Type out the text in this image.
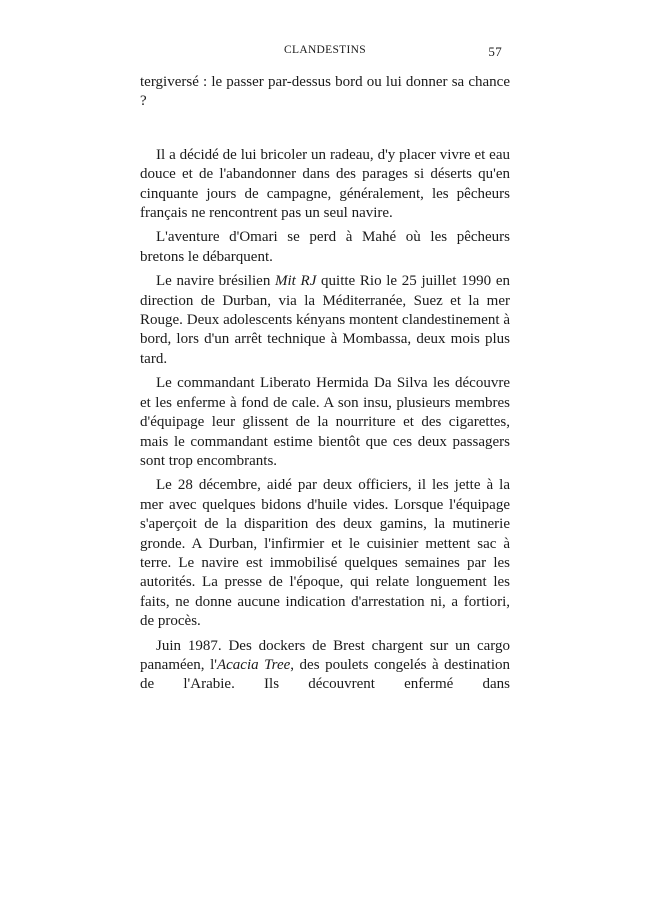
CLANDESTINS	57

tergiversé : le passer par-dessus bord ou lui donner sa chance ?

Il a décidé de lui bricoler un radeau, d'y placer vivre et eau douce et de l'abandonner dans des parages si déserts qu'en cinquante jours de campagne, généralement, les pêcheurs français ne rencontrent pas un seul navire.

L'aventure d'Omari se perd à Mahé où les pêcheurs bretons le débarquent.

Le navire brésilien Mit RJ quitte Rio le 25 juillet 1990 en direction de Durban, via la Méditerranée, Suez et la mer Rouge. Deux adolescents kényans montent clandestinement à bord, lors d'un arrêt technique à Mombassa, deux mois plus tard.

Le commandant Liberato Hermida Da Silva les découvre et les enferme à fond de cale. A son insu, plusieurs membres d'équipage leur glissent de la nourriture et des cigarettes, mais le commandant estime bientôt que ces deux passagers sont trop encombrants.

Le 28 décembre, aidé par deux officiers, il les jette à la mer avec quelques bidons d'huile vides. Lorsque l'équipage s'aperçoit de la disparition des deux gamins, la mutinerie gronde. A Durban, l'infirmier et le cuisinier mettent sac à terre. Le navire est immobilisé quelques semaines par les autorités. La presse de l'époque, qui relate longuement les faits, ne donne aucune indication d'arrestation ni, a fortiori, de procès.

Juin 1987. Des dockers de Brest chargent sur un cargo panaméen, l'Acacia Tree, des poulets congelés à destination de l'Arabie. Ils découvrent enfermé dans
